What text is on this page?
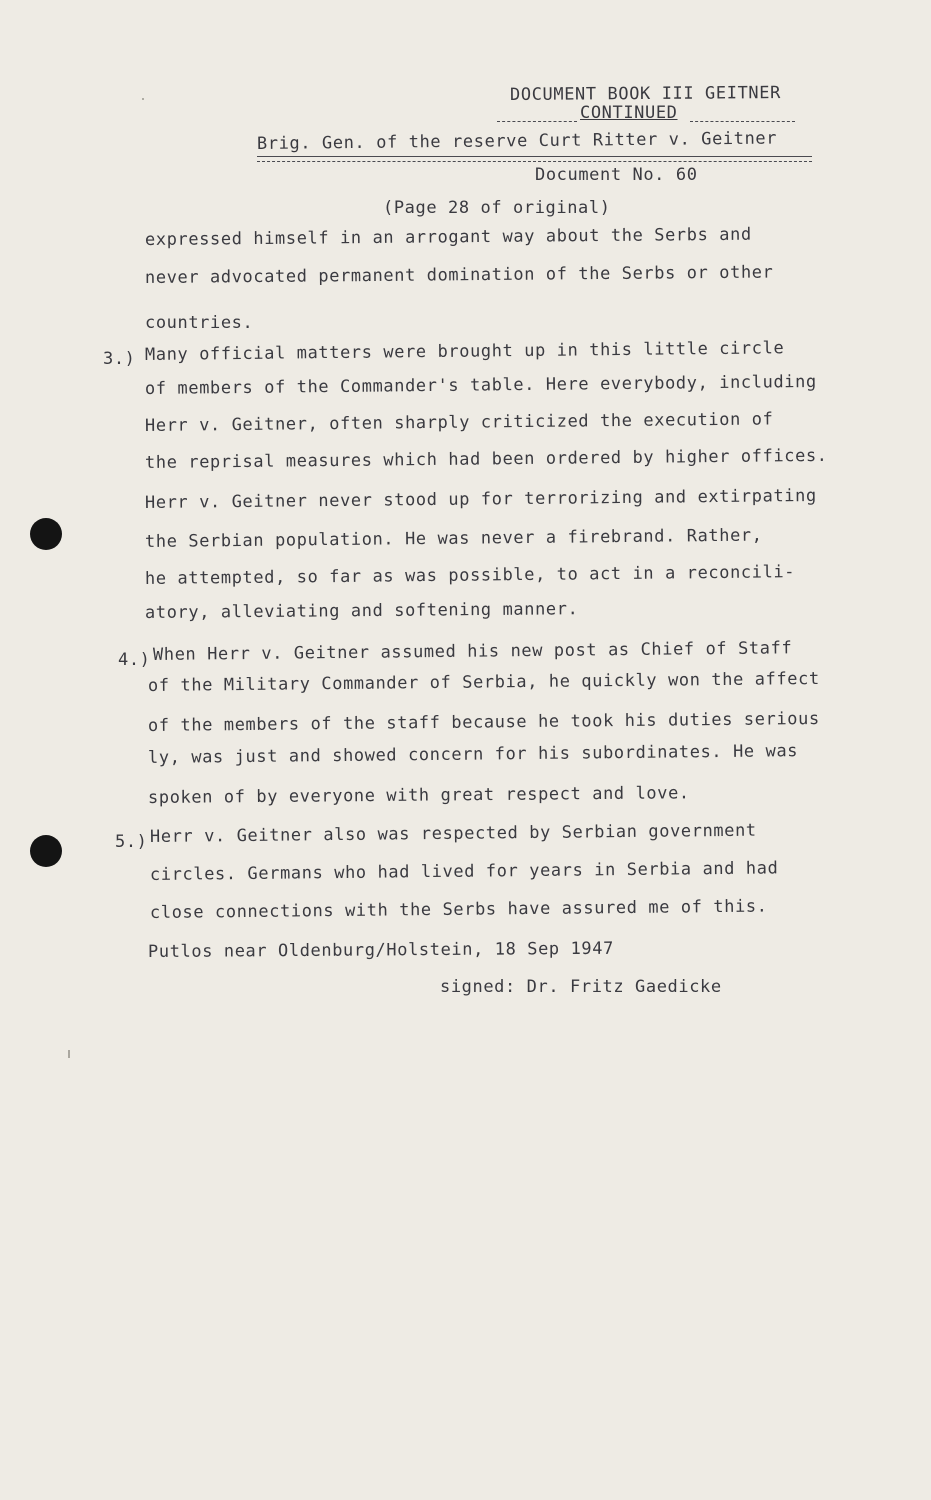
DOCUMENT BOOK III GEITNER
CONTINUED
Brig. Gen. of the reserve Curt Ritter v. Geitner
Document No. 60
(Page 28 of original)
expressed himself in an arrogant way about the Serbs and
never advocated permanent domination of the Serbs or other
countries.
3.) Many official matters were brought up in this little circle
of members of the Commander's table. Here everybody, including
Herr v. Geitner, often sharply criticized the execution of
the reprisal measures which had been ordered by higher offices.
Herr v. Geitner never stood up for terrorizing and extirpating
the Serbian population. He was never a firebrand. Rather,
he attempted, so far as was possible, to act in a reconcili-
atory, alleviating and softening manner.
4.) When Herr v. Geitner assumed his new post as Chief of Staff
of the Military Commander of Serbia, he quickly won the affect
of the members of the staff because he took his duties serious
ly, was just and showed concern for his subordinates. He was
spoken of by everyone with great respect and love.
5.) Herr v. Geitner also was respected by Serbian government
circles. Germans who had lived for years in Serbia and had
close connections with the Serbs have assured me of this.
Putlos near Oldenburg/Holstein, 18 Sep 1947
signed: Dr. Fritz Gaedicke
